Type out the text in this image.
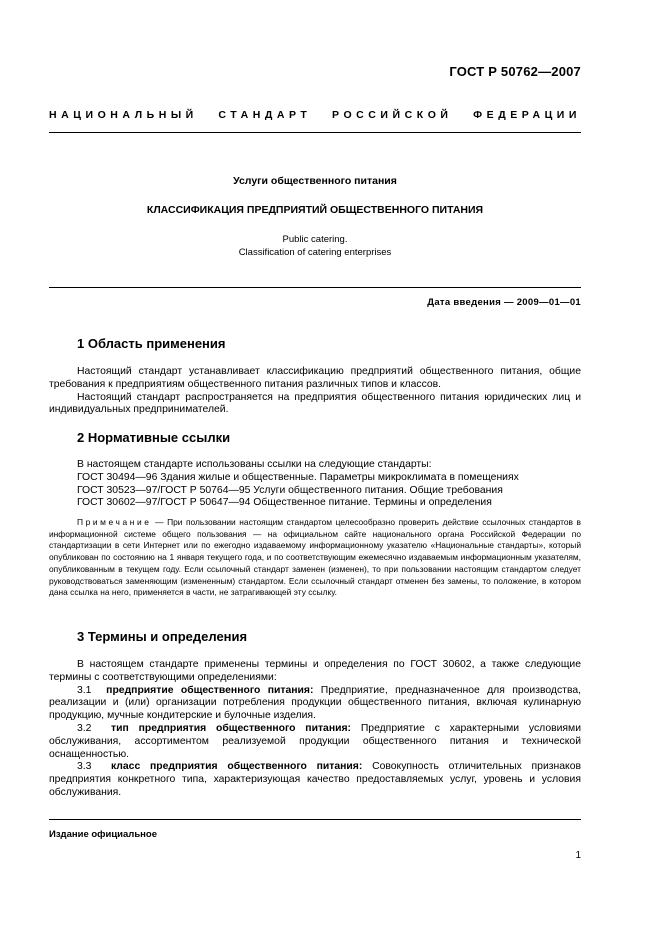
ГОСТ Р 50762—2007
НАЦИОНАЛЬНЫЙ СТАНДАРТ РОССИЙСКОЙ ФЕДЕРАЦИИ
Услуги общественного питания
КЛАССИФИКАЦИЯ ПРЕДПРИЯТИЙ ОБЩЕСТВЕННОГО ПИТАНИЯ
Public catering.
Classification of catering enterprises
Дата введения — 2009—01—01
1 Область применения

Настоящий стандарт устанавливает классификацию предприятий общественного питания, общие требования к предприятиям общественного питания различных типов и классов.

Настоящий стандарт распространяется на предприятия общественного питания юридических лиц и индивидуальных предпринимателей.

2 Нормативные ссылки

В настоящем стандарте использованы ссылки на следующие стандарты:

ГОСТ 30494—96 Здания жилые и общественные. Параметры микроклимата в помещениях

ГОСТ 30523—97/ГОСТ Р 50764—95 Услуги общественного питания. Общие требования

ГОСТ 30602—97/ГОСТ Р 50647—94 Общественное питание. Термины и определения

Примечание — При пользовании настоящим стандартом целесообразно проверить действие ссылочных стандартов в информационной системе общего пользования — на официальном сайте национального органа Российской Федерации по стандартизации в сети Интернет или по ежегодно издаваемому информационному указателю «Национальные стандарты», который опубликован по состоянию на 1 января текущего года, и по соответствующим ежемесячно издаваемым информационным указателям, опубликованным в текущем году. Если ссылочный стандарт заменен (изменен), то при пользовании настоящим стандартом следует руководствоваться заменяющим (измененным) стандартом. Если ссылочный стандарт отменен без замены, то положение, в котором дана ссылка на него, применяется в части, не затрагивающей эту ссылку.

3 Термины и определения

В настоящем стандарте применены термины и определения по ГОСТ 30602, а также следующие термины с соответствующими определениями:

3.1 предприятие общественного питания: Предприятие, предназначенное для производства, реализации и (или) организации потребления продукции общественного питания, включая кулинарную продукцию, мучные кондитерские и булочные изделия.

3.2 тип предприятия общественного питания: Предприятие с характерными условиями обслуживания, ассортиментом реализуемой продукции общественного питания и технической оснащенностью.

3.3 класс предприятия общественного питания: Совокупность отличительных признаков предприятия конкретного типа, характеризующая качество предоставляемых услуг, уровень и условия обслуживания.

Издание официальное
1
